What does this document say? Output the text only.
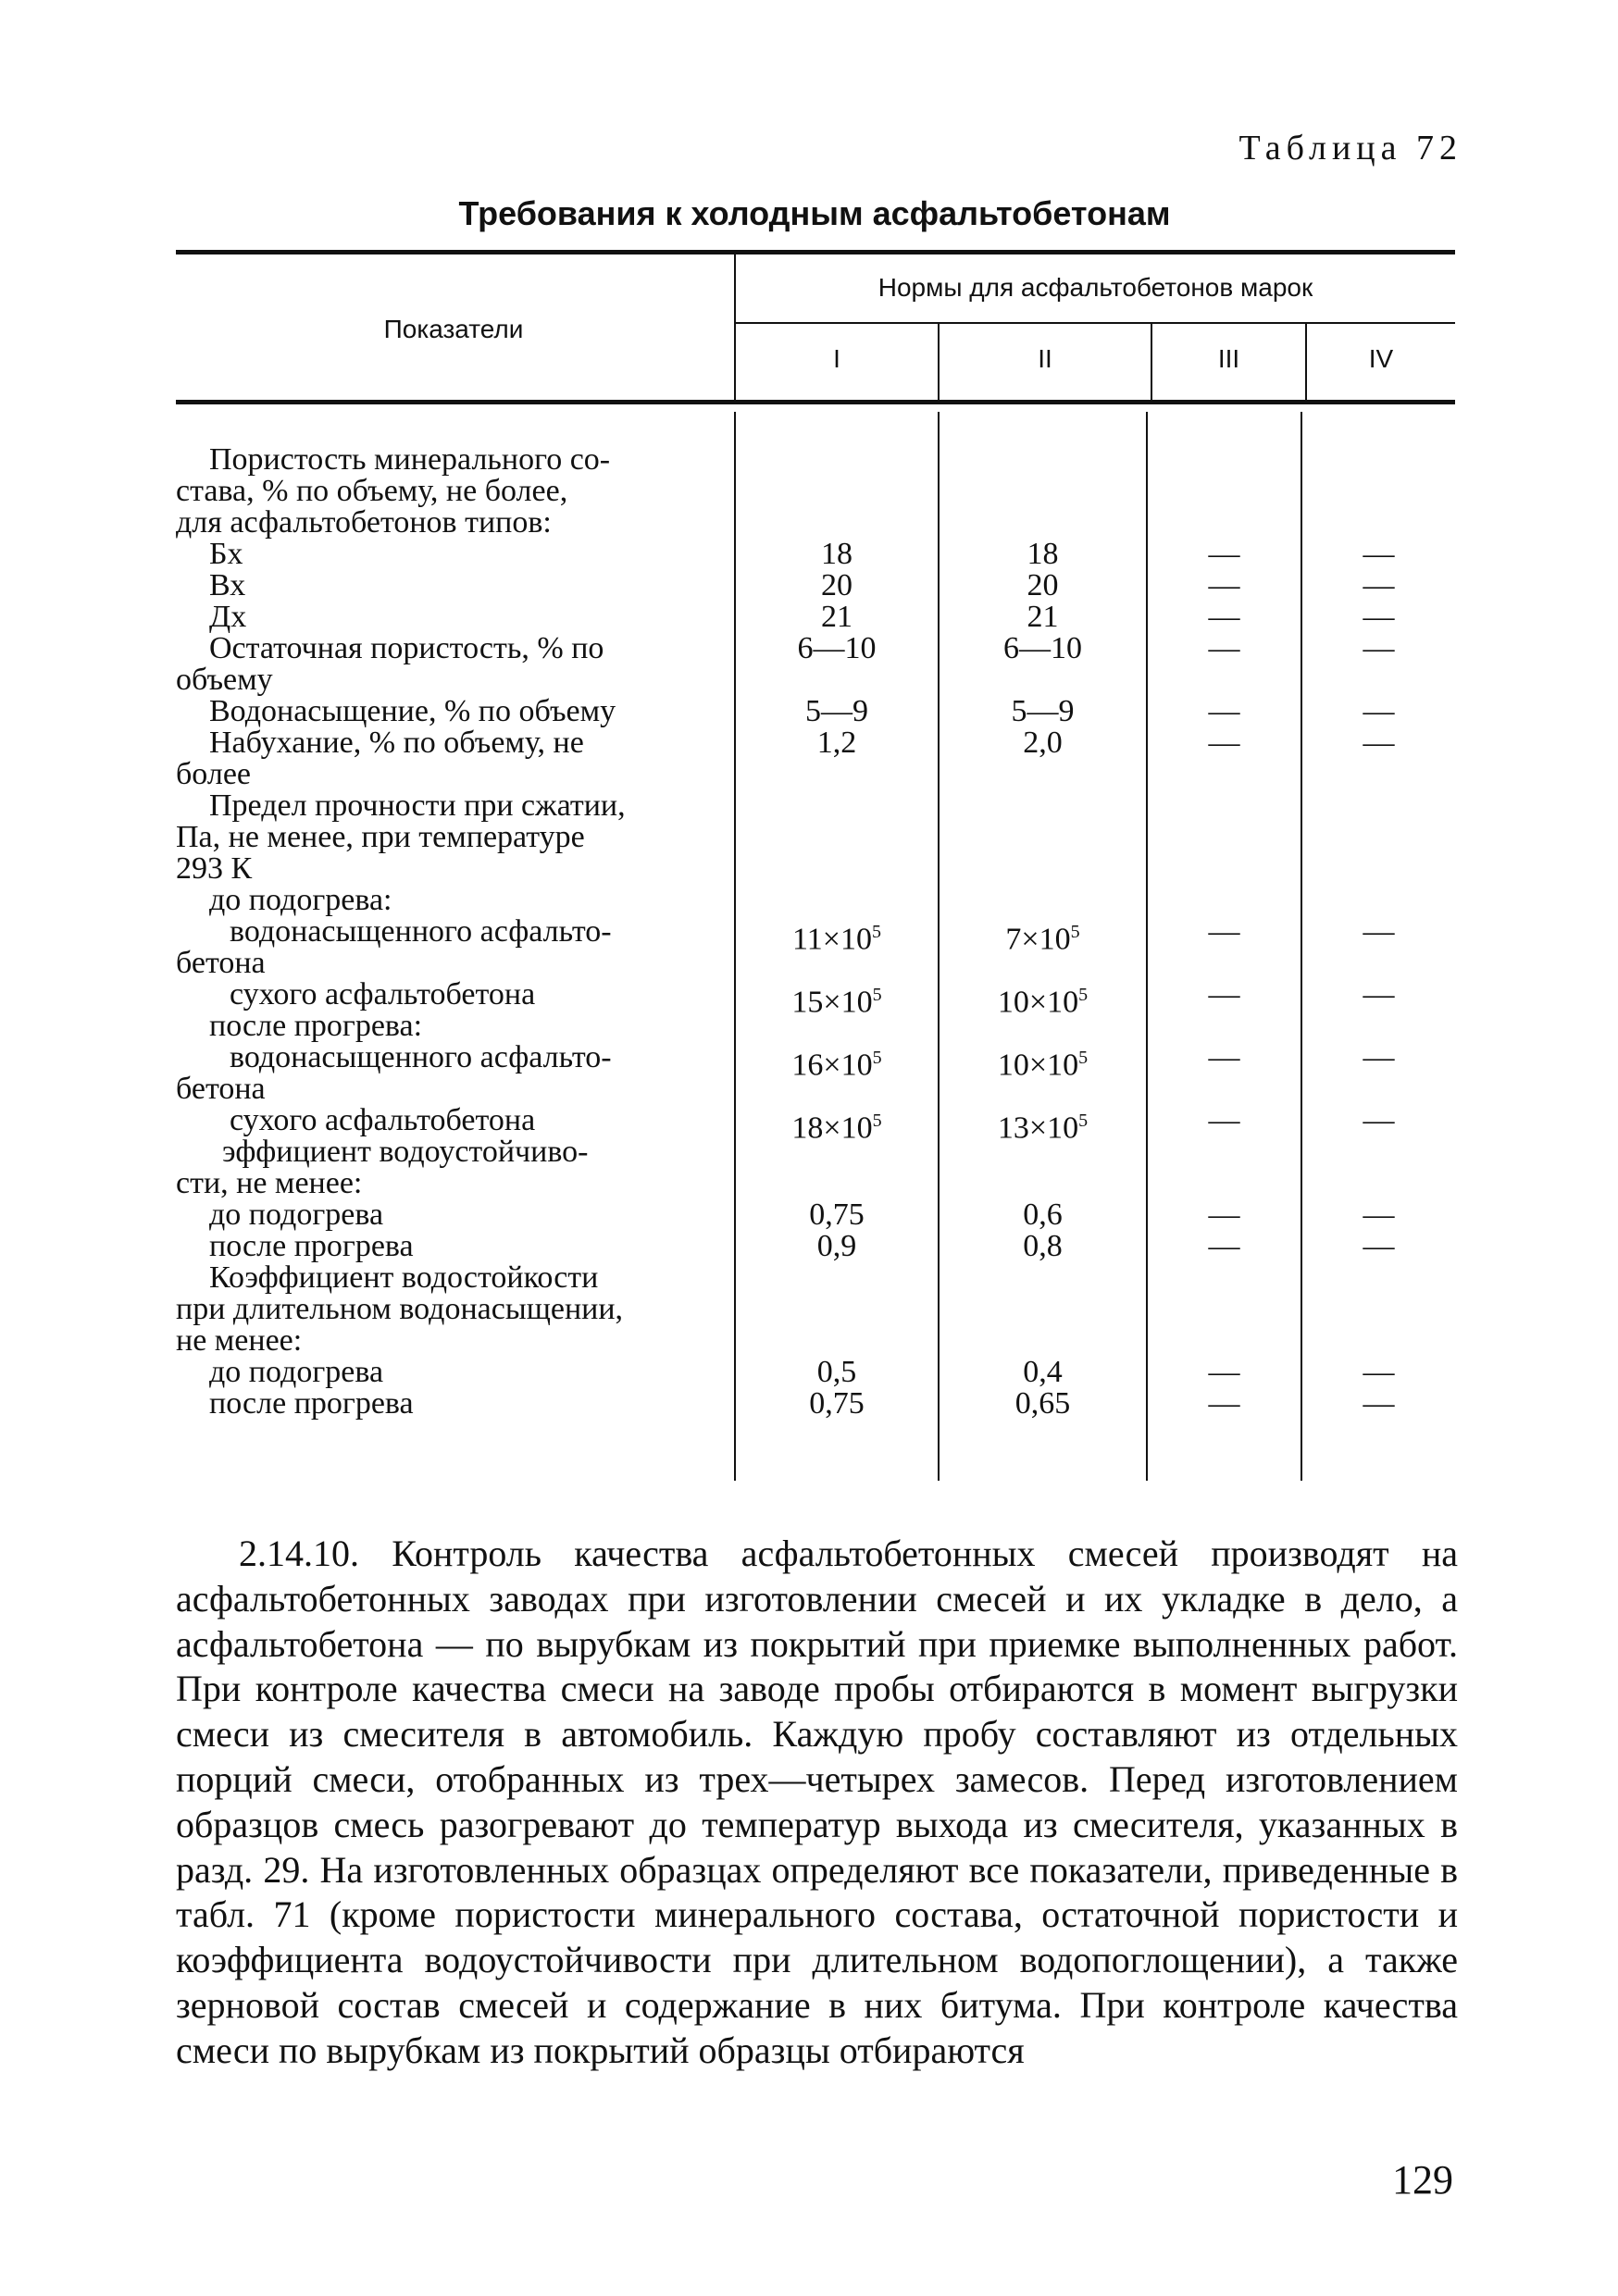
Таблица 72
Требования к холодным асфальтобетонам
Показатели
Нормы для асфальтобетонов марок
I	II	III	IV
Пористость минерального со-
става, % по объему, не более,
для асфальтобетонов типов:
Бх	18	18	—	—
Вх	20	20	—	—
Дх	21	21	—	—
Остаточная пористость, % по	6—10	6—10	—	—
объему
Водонасыщение, % по объему	5—9	5—9	—	—
Набухание, % по объему, не	1,2	2,0	—	—
более
Предел прочности при сжатии,
Па, не менее, при температуре
293 К
до подогрева:
водонасыщенного асфальто-	$11\times 10^5$	$7\times 10^5$	—	—
бетона
сухого асфальтобетона	$15\times 10^5$	$10\times 10^5$	—	—
после прогрева:
водонасыщенного асфальто-	$16\times 10^5$	$10\times 10^5$	—	—
бетона
сухого асфальтобетона	$18\times 10^5$	$13\times 10^5$	—	—
эффициент водоустойчиво-
сти, не менее:
до подогрева	0,75	0,6	—	—
после прогрева	0,9	0,8	—	—
Коэффициент водостойкости
при длительном водонасыщении,
не менее:
до подогрева	0,5	0,4	—	—
после прогрева	0,75	0,65	—	—

2.14.10. Контроль качества асфальтобетонных смесей производят на асфальтобетонных заводах при изготовлении смесей и их укладке в дело, а асфальтобетона — по вырубкам из покрытий при приемке выполненных работ. При контроле качества смеси на заводе пробы отбираются в момент выгрузки смеси из смесителя в автомобиль. Каждую пробу составляют из отдельных порций смеси, отобранных из трех—четырех замесов. Перед изготовлением образцов смесь разогревают до температур выхода из смесителя, указанных в разд. 29. На изготовленных образцах определяют все показатели, приведенные в табл. 71 (кроме пористости минерального состава, остаточной пористости и коэффициента водоустойчивости при длительном водопоглощении), а также зерновой состав смесей и содержание в них битума. При контроле качества смеси по вырубкам из покрытий образцы отбираются

129
